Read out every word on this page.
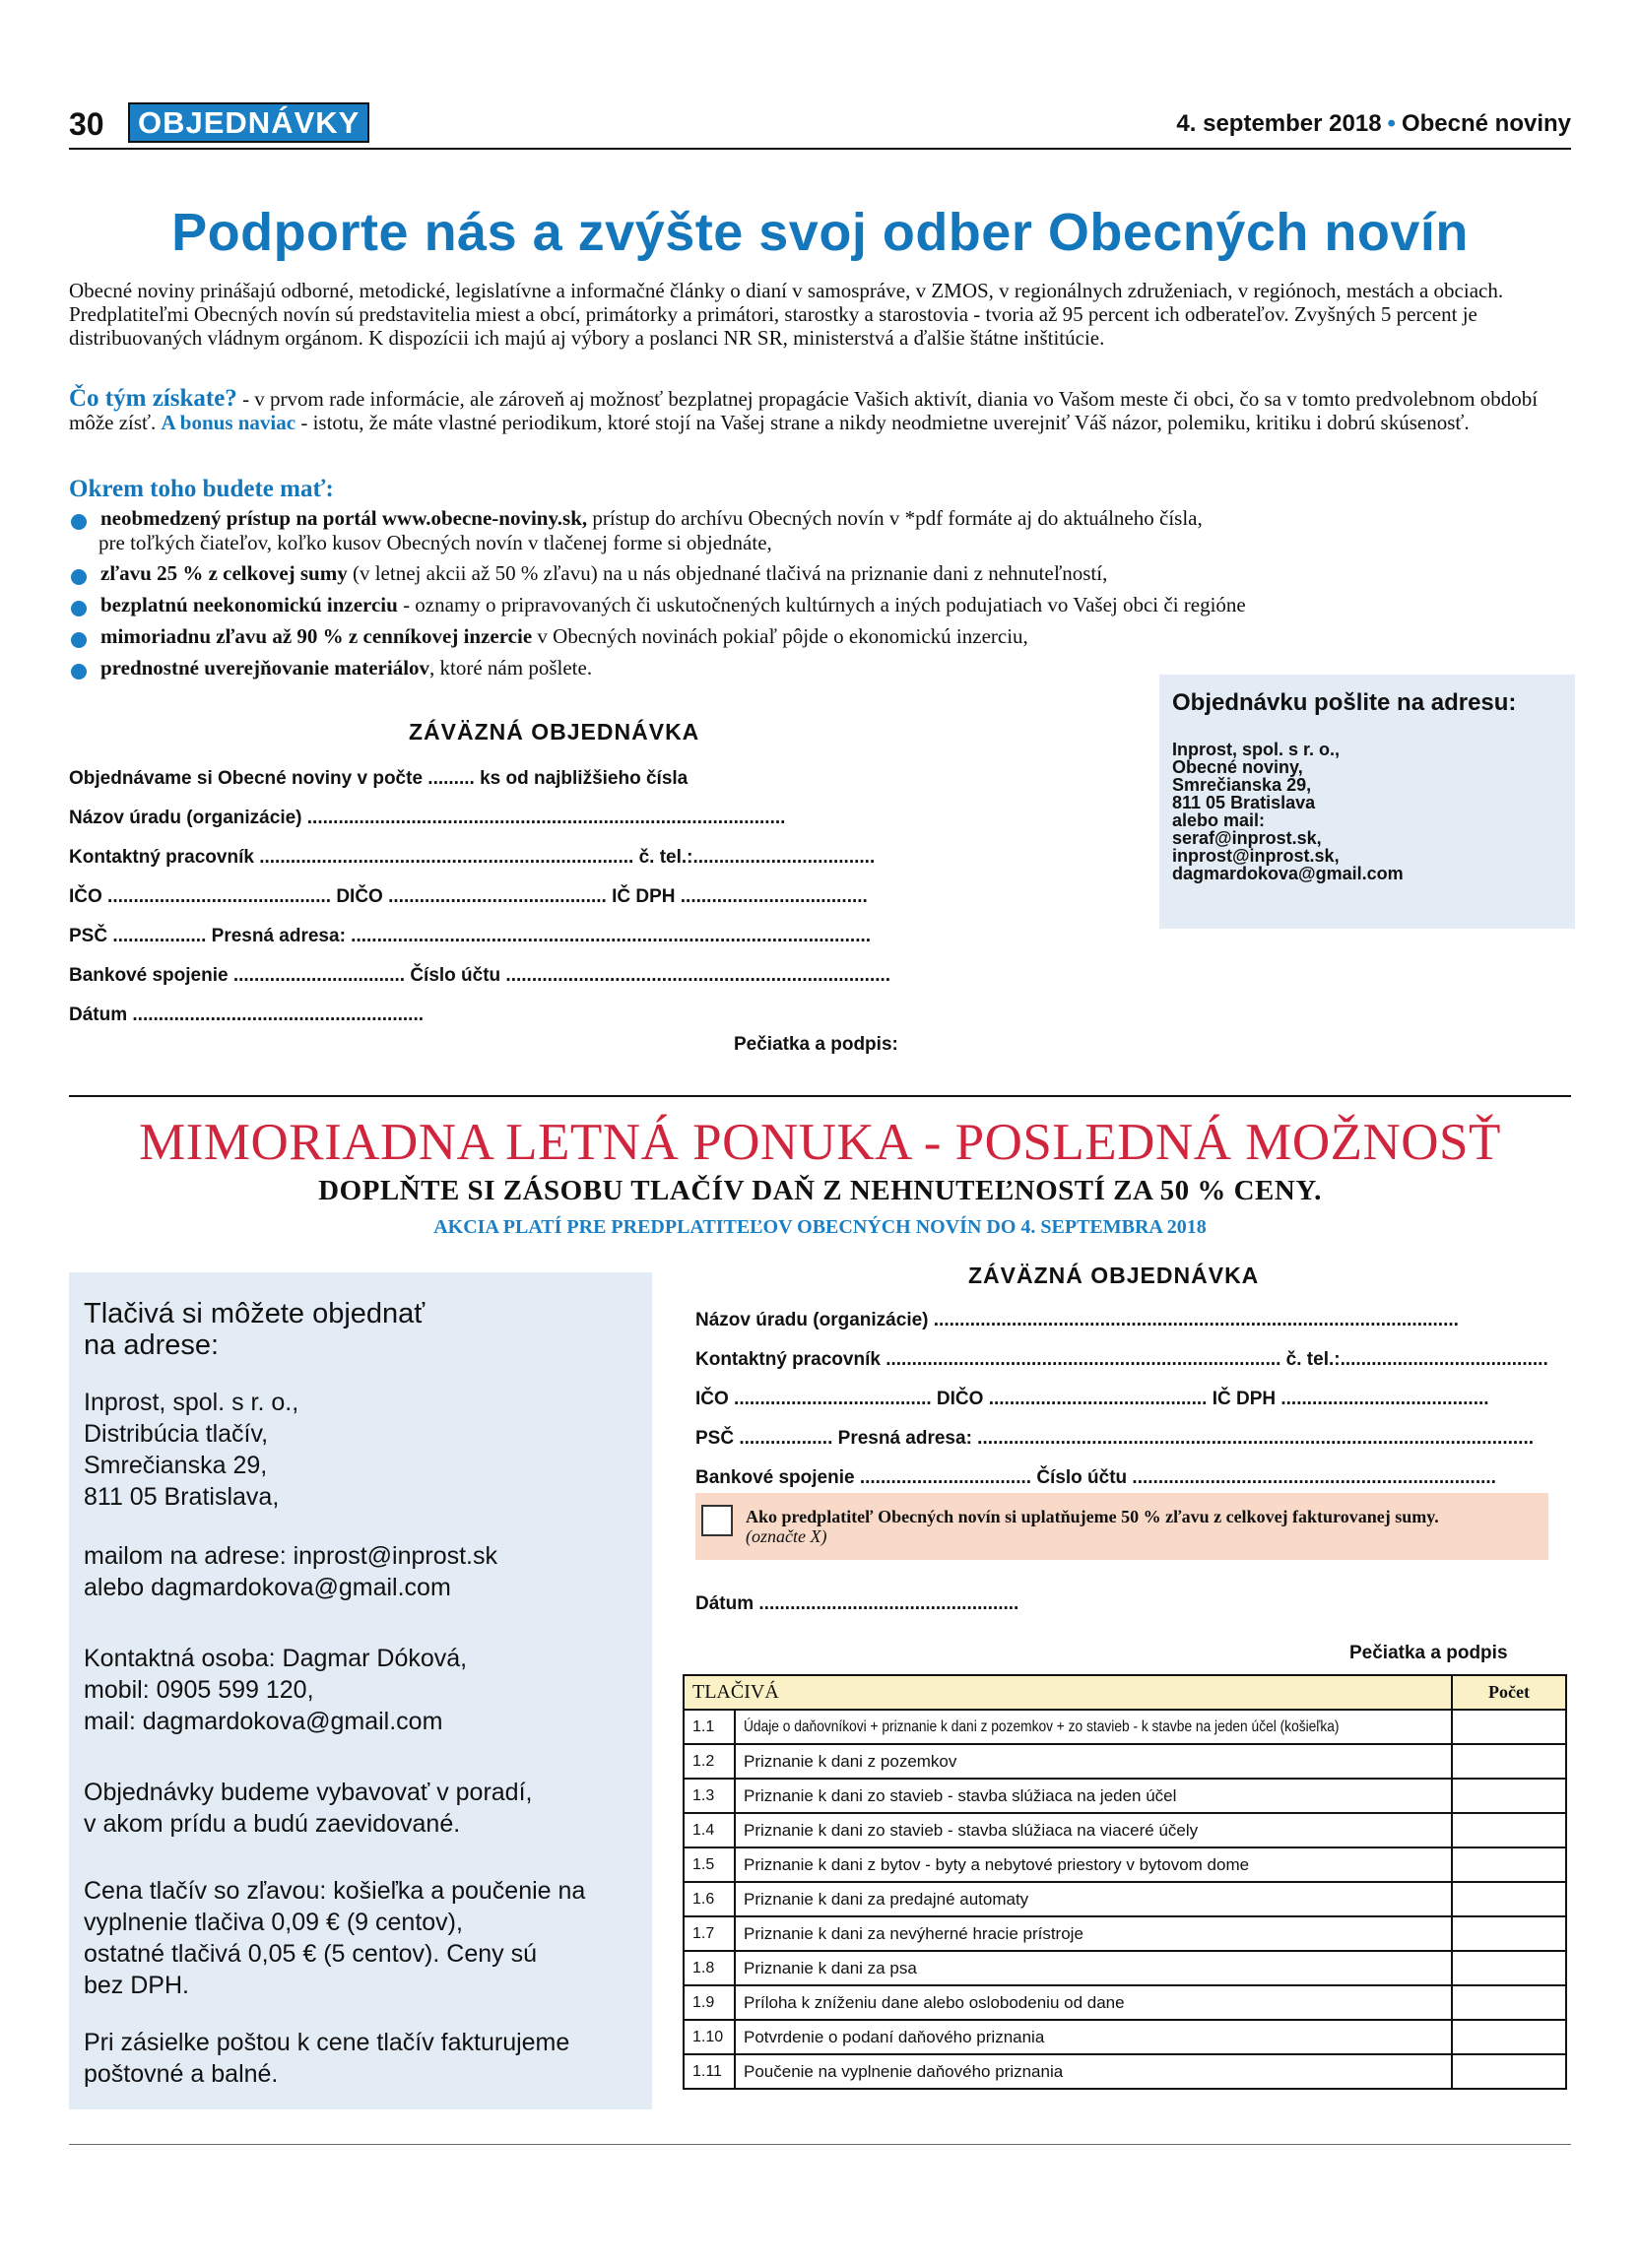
30	OBJEDNÁVKY	4. september 2018 • Obecné noviny
Podporte nás a zvýšte svoj odber Obecných novín
Obecné noviny prinášajú odborné, metodické, legislatívne a informačné články o dianí v samospráve, v ZMOS, v regionálnych združeniach, v regiónoch, mestách a obciach. Predplatiteľmi Obecných novín sú predstavitelia miest a obcí, primátorky a primátori, starostky a starostovia - tvoria až 95 percent ich odberateľov. Zvyšných 5 percent je distribuovaných vládnym orgánom. K dispozícii ich majú aj výbory a poslanci NR SR, ministerstvá a ďalšie štátne inštitúcie.
Čo tým získate? - v prvom rade informácie, ale zároveň aj možnosť bezplatnej propagácie Vašich aktivít, diania vo Vašom meste či obci, čo sa v tomto predvolebnom období môže zísť. A bonus naviac - istotu, že máte vlastné periodikum, ktoré stojí na Vašej strane a nikdy neodmietne uverejniť Váš názor, polemiku, kritiku i dobrú skúsenosť.
Okrem toho budete mať:
neobmedzený prístup na portál www.obecne-noviny.sk, prístup do archívu Obecných novín v *pdf formáte aj do aktuálneho čísla,
pre toľkých čiateľov, koľko kusov Obecných novín v tlačenej forme si objednáte,
zľavu 25 % z celkovej sumy (v letnej akcii až 50 % zľavu) na u nás objednané tlačivá na priznanie dani z nehnuteľností,
bezplatnú neekonomickú inzerciu - oznamy o pripravovaných či uskutočnených kultúrnych a iných podujatiach vo Vašej obci či regióne
mimoriadnu zľavu až 90 % z cenníkovej inzercie v Obecných novinách pokiaľ pôjde o ekonomickú inzerciu,
prednostné uverejňovanie materiálov, ktoré nám pošlete.
ZÁVÄZNÁ OBJEDNÁVKA
Objednávame si Obecné noviny v počte ......... ks od najbližšieho čísla
Názov úradu (organizácie) ............................................................................................
Kontaktný pracovník ........................................................................ č. tel.:...................................
IČO ........................................... DIČO .......................................... IČ DPH ....................................
PSČ .................. Presná adresa: ....................................................................................................
Bankové spojenie ................................. Číslo účtu ..........................................................................
Dátum ........................................................
Pečiatka a podpis:
Objednávku pošlite na adresu:
Inprost, spol. s r. o.,
Obecné noviny,
Smrečianska 29,
811 05 Bratislava
alebo mail:
seraf@inprost.sk,
inprost@inprost.sk,
dagmardokova@gmail.com
MIMORIADNA LETNÁ PONUKA - POSLEDNÁ MOŽNOSŤ
DOPLŇTE SI ZÁSOBU TLAČÍV DAŇ Z NEHNUTEĽNOSTÍ ZA 50 % CENY.
AKCIA PLATÍ PRE PREDPLATITEĽOV OBECNÝCH NOVÍN DO 4. SEPTEMBRA 2018
Tlačivá si môžete objednať
na adrese:
Inprost, spol. s r. o.,
Distribúcia tlačív,
Smrečianska 29,
811 05 Bratislava,
mailom na adrese: inprost@inprost.sk
alebo dagmardokova@gmail.com
Kontaktná osoba: Dagmar Dóková,
mobil: 0905 599 120,
mail: dagmardokova@gmail.com
Objednávky budeme vybavovať v poradí,
v akom prídu a budú zaevidované.
Cena tlačív so zľavou: košieľka a poučenie na
vyplnenie tlačiva 0,09 € (9 centov),
ostatné tlačivá 0,05 € (5 centov). Ceny sú
bez DPH.
Pri zásielke poštou k cene tlačív fakturujeme
poštovné a balné.
ZÁVÄZNÁ OBJEDNÁVKA
Názov úradu (organizácie) .....................................................................................................
Kontaktný pracovník ............................................................................ č. tel.:........................................
IČO ...................................... DIČO .......................................... IČ DPH ........................................
PSČ .................. Presná adresa: ...........................................................................................................
Bankové spojenie ................................. Číslo účtu ......................................................................
Ako predplatiteľ Obecných novín si uplatňujeme 50 % zľavu z celkovej fakturovanej sumy.
(označte X)
Dátum ..................................................
Pečiatka a podpis
TLAČIVÁ		Počet
1.1	Údaje o daňovníkovi + priznanie k dani z pozemkov + zo stavieb - k stavbe na jeden účel (košieľka)	
1.2	Priznanie k dani z pozemkov	
1.3	Priznanie k dani zo stavieb - stavba slúžiaca na jeden účel	
1.4	Priznanie k dani zo stavieb - stavba slúžiaca na viaceré účely	
1.5	Priznanie k dani z bytov - byty a nebytové priestory v bytovom dome	
1.6	Priznanie k dani za predajné automaty	
1.7	Priznanie k dani za nevýherné hracie prístroje	
1.8	Priznanie k dani za psa	
1.9	Príloha k zníženiu dane alebo oslobodeniu od dane	
1.10	Potvrdenie o podaní daňového priznania	
1.11	Poučenie na vyplnenie daňového priznania	
